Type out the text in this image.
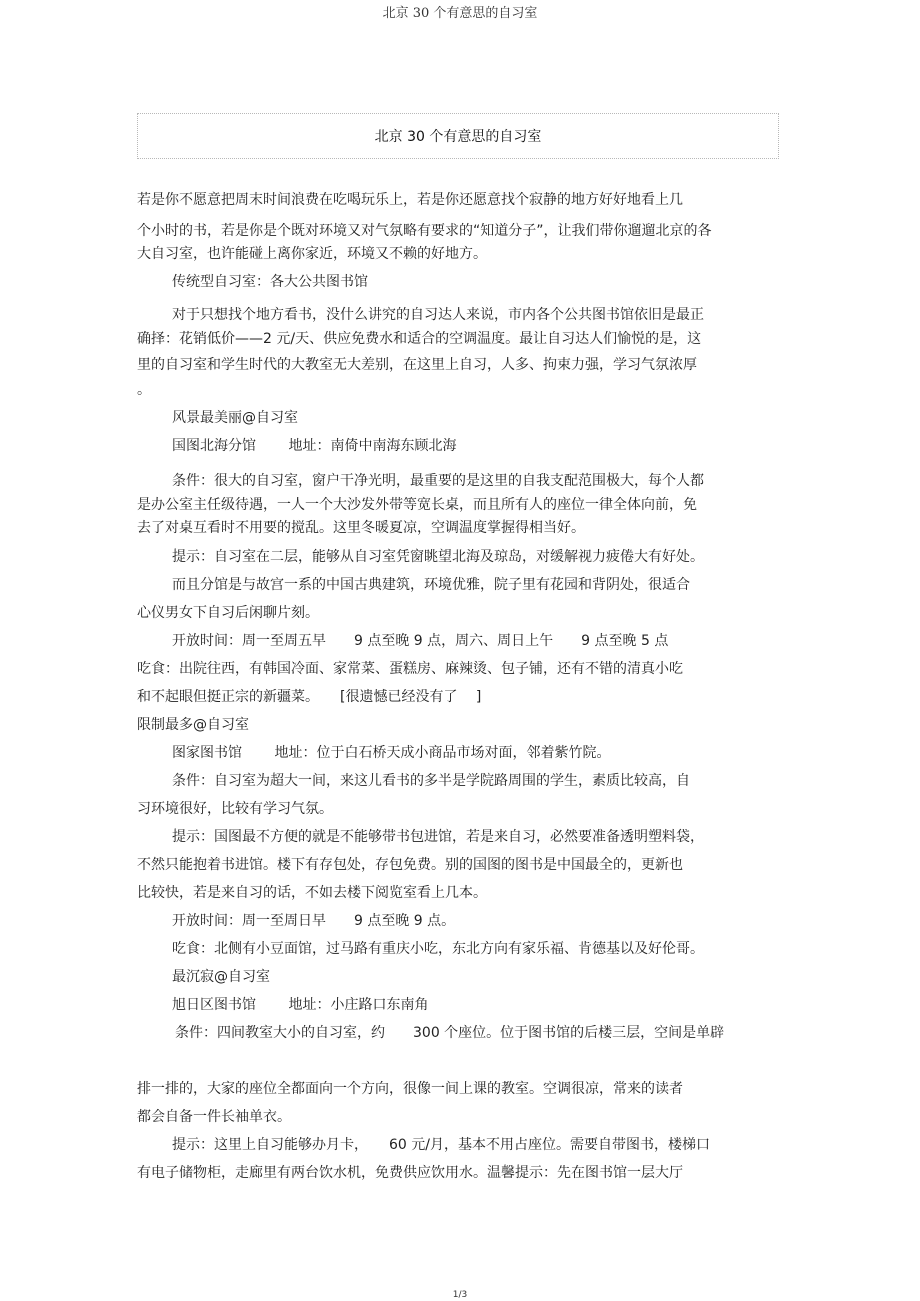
北京 30 个有意思的自习室
北京 30 个有意思的自习室
若是你不愿意把周末时间浪费在吃喝玩乐上，若是你还愿意找个寂静的地方好好地看上几
个小时的书，若是你是个既对环境又对气氛略有要求的“知道分子”，让我们带你遛遛北京的各
大自习室，也许能碰上离你家近，环境又不赖的好地方。
传统型自习室：各大公共图书馆
对于只想找个地方看书，没什么讲究的自习达人来说，市内各个公共图书馆依旧是最正
确择：花销低价——2 元/天、供应免费水和适合的空调温度。最让自习达人们愉悦的是，这
里的自习室和学生时代的大教室无大差别，在这里上自习，人多、拘束力强，学习气氛浓厚
。
风景最美丽@自习室
国图北海分馆　　 地址：南倚中南海东顾北海
条件：很大的自习室，窗户干净光明，最重要的是这里的自我支配范围极大，每个人都
是办公室主任级待遇，一人一个大沙发外带等宽长桌，而且所有人的座位一律全体向前，免
去了对桌互看时不用要的搅乱。这里冬暖夏凉，空调温度掌握得相当好。
提示：自习室在二层，能够从自习室凭窗眺望北海及琼岛，对缓解视力疲倦大有好处。
而且分馆是与故宫一系的中国古典建筑，环境优雅，院子里有花园和背阴处，很适合
心仪男女下自习后闲聊片刻。
开放时间：周一至周五早　　9 点至晚 9 点，周六、周日上午　　9 点至晚 5 点
吃食：出院往西，有韩国冷面、家常菜、蛋糕房、麻辣烫、包子铺，还有不错的清真小吃
和不起眼但挺正宗的新疆菜。　　[很遗憾已经没有了　 ]
限制最多@自习室
图家图书馆　　 地址：位于白石桥天成小商品市场对面，邻着紫竹院。
条件：自习室为超大一间，来这儿看书的多半是学院路周围的学生，素质比较高，自
习环境很好，比较有学习气氛。
提示：国图最不方便的就是不能够带书包进馆，若是来自习，必然要准备透明塑料袋，
不然只能抱着书进馆。楼下有存包处，存包免费。别的国图的图书是中国最全的，更新也
比较快，若是来自习的话，不如去楼下阅览室看上几本。
开放时间：周一至周日早　　9 点至晚 9 点。
吃食：北侧有小豆面馆，过马路有重庆小吃，东北方向有家乐福、肯德基以及好伦哥。
最沉寂@自习室
旭日区图书馆　　 地址：小庄路口东南角
条件：四间教室大小的自习室，约　　300 个座位。位于图书馆的后楼三层，空间是单辟
排一排的，大家的座位全都面向一个方向，很像一间上课的教室。空调很凉，常来的读者
都会自备一件长袖单衣。
提示：这里上自习能够办月卡，　　60 元/月，基本不用占座位。需要自带图书，楼梯口
有电子储物柜，走廊里有两台饮水机，免费供应饮用水。温馨提示：先在图书馆一层大厅
1/3
